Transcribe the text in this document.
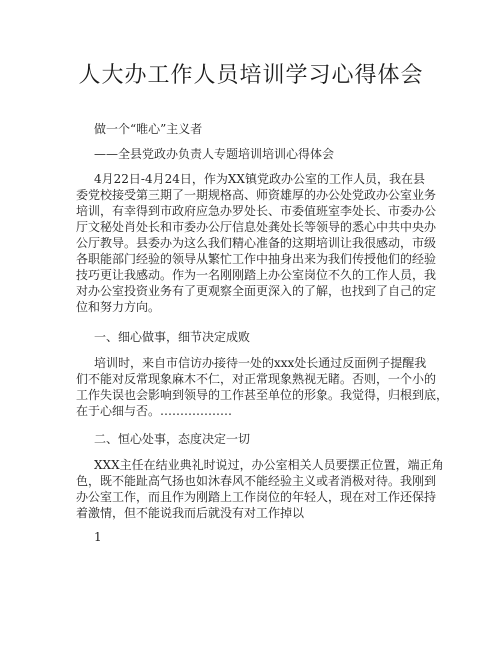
人大办工作人员培训学习心得体会
做一个“唯心”主义者
——全县党政办负责人专题培训培训心得体会
4月22日-4月24日，作为XX镇党政办公室的工作人员，我在县
委党校接受第三期了一期规格高、师资雄厚的办公处党政办公室业务
培训，有幸得到市政府应急办罗处长、市委值班室李处长、市委办公
厅文秘处肖处长和市委办公厅信息处龚处长等领导的悉心中共中央办
公厅教导。县委办为这么我们精心准备的这期培训让我很感动，市级
各职能部门经验的领导从繁忙工作中抽身出来为我们传授他们的经验
技巧更让我感动。作为一名刚刚踏上办公室岗位不久的工作人员，我
对办公室投资业务有了更观察全面更深入的了解，也找到了自己的定
位和努力方向。
一、细心做事，细节决定成败
培训时，来自市信访办接待一处的xxx处长通过反面例子提醒我
们不能对反常现象麻木不仁，对正常现象熟视无睹。否则，一个小的
工作失误也会影响到领导的工作甚至单位的形象。我觉得，归根到底，
在于心细与否。………………
二、恒心处事，态度决定一切
XXX主任在结业典礼时说过，办公室相关人员要摆正位置，端正角
色，既不能趾高气扬也如沐春风不能经验主义或者消极对待。我刚到
办公室工作，而且作为刚踏上工作岗位的年轻人，现在对工作还保持
着激情，但不能说我而后就没有对工作掉以
1
